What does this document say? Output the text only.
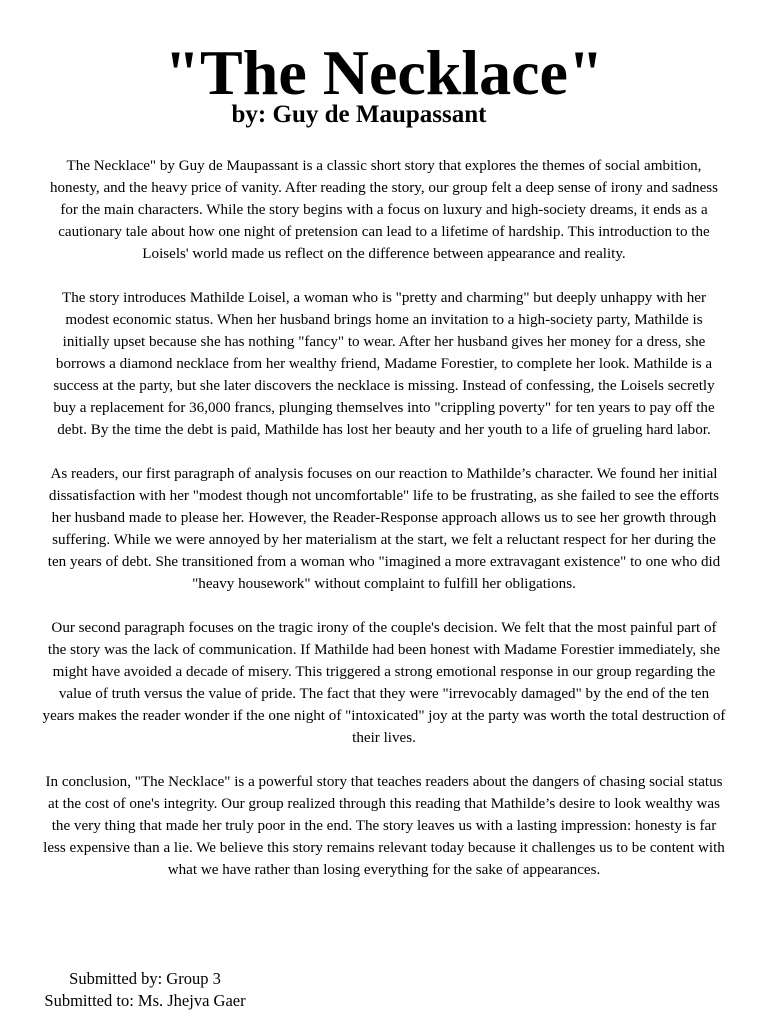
"The Necklace"
by: Guy de Maupassant

The Necklace" by Guy de Maupassant is a classic short story that explores the themes of social ambition, honesty, and the heavy price of vanity. After reading the story, our group felt a deep sense of irony and sadness for the main characters. While the story begins with a focus on luxury and high-society dreams, it ends as a cautionary tale about how one night of pretension can lead to a lifetime of hardship. This introduction to the Loisels' world made us reflect on the difference between appearance and reality.

The story introduces Mathilde Loisel, a woman who is "pretty and charming" but deeply unhappy with her modest economic status. When her husband brings home an invitation to a high-society party, Mathilde is initially upset because she has nothing "fancy" to wear. After her husband gives her money for a dress, she borrows a diamond necklace from her wealthy friend, Madame Forestier, to complete her look. Mathilde is a success at the party, but she later discovers the necklace is missing. Instead of confessing, the Loisels secretly buy a replacement for 36,000 francs, plunging themselves into "crippling poverty" for ten years to pay off the debt. By the time the debt is paid, Mathilde has lost her beauty and her youth to a life of grueling hard labor.

As readers, our first paragraph of analysis focuses on our reaction to Mathilde’s character. We found her initial dissatisfaction with her "modest though not uncomfortable" life to be frustrating, as she failed to see the efforts her husband made to please her. However, the Reader-Response approach allows us to see her growth through suffering. While we were annoyed by her materialism at the start, we felt a reluctant respect for her during the ten years of debt. She transitioned from a woman who "imagined a more extravagant existence" to one who did "heavy housework" without complaint to fulfill her obligations.

Our second paragraph focuses on the tragic irony of the couple's decision. We felt that the most painful part of the story was the lack of communication. If Mathilde had been honest with Madame Forestier immediately, she might have avoided a decade of misery. This triggered a strong emotional response in our group regarding the value of truth versus the value of pride. The fact that they were "irrevocably damaged" by the end of the ten years makes the reader wonder if the one night of "intoxicated" joy at the party was worth the total destruction of their lives.

In conclusion, "The Necklace" is a powerful story that teaches readers about the dangers of chasing social status at the cost of one's integrity. Our group realized through this reading that Mathilde’s desire to look wealthy was the very thing that made her truly poor in the end. The story leaves us with a lasting impression: honesty is far less expensive than a lie. We believe this story remains relevant today because it challenges us to be content with what we have rather than losing everything for the sake of appearances.

Submitted by: Group 3
Submitted to: Ms. Jhejva Gaer
